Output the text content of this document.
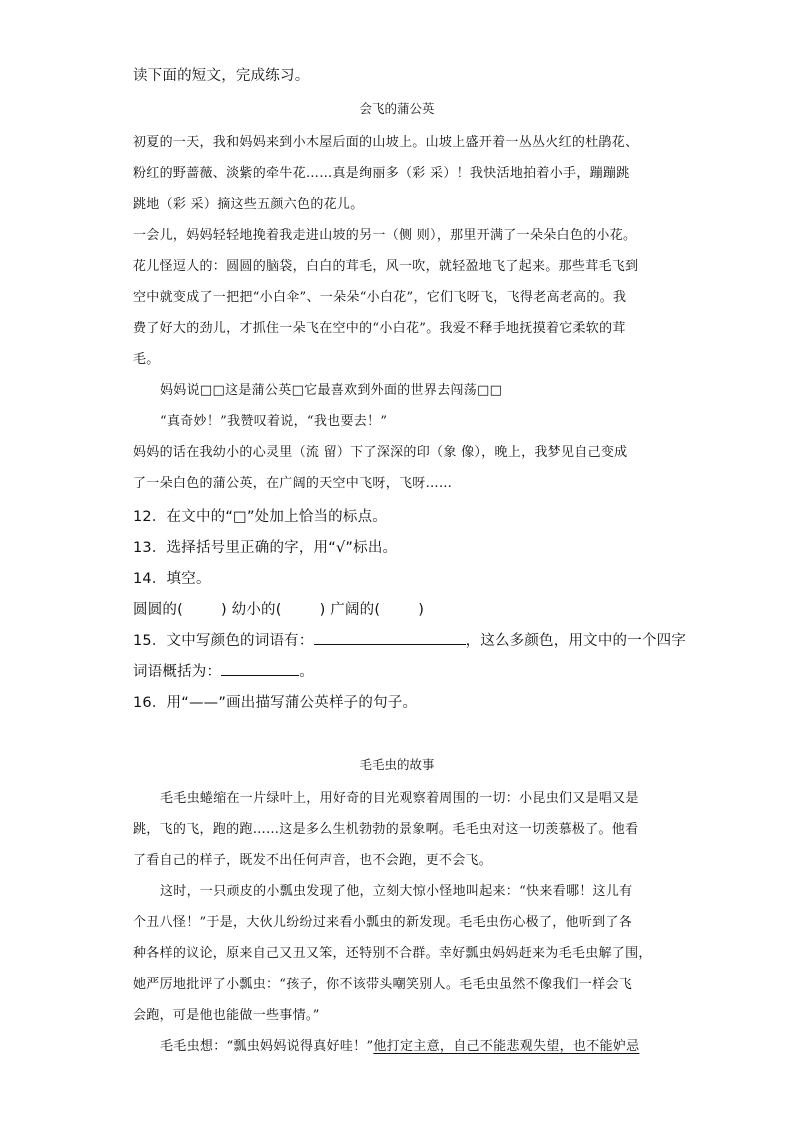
读下面的短文，完成练习。
会飞的蒲公英
初夏的一天，我和妈妈来到小木屋后面的山坡上。山坡上盛开着一丛丛火红的杜鹃花、
粉红的野蔷薇、淡紫的牵牛花……真是绚丽多（彩 采）！我快活地拍着小手，蹦蹦跳
跳地（彩 采）摘这些五颜六色的花儿。
一会儿，妈妈轻轻地挽着我走进山坡的另一（侧 则），那里开满了一朵朵白色的小花。
花儿怪逗人的：圆圆的脑袋，白白的茸毛，风一吹，就轻盈地飞了起来。那些茸毛飞到
空中就变成了一把把“小白伞”、一朵朵“小白花”，它们飞呀飞，飞得老高老高的。我
费了好大的劲儿，才抓住一朵飞在空中的“小白花”。我爱不释手地抚摸着它柔软的茸
毛。
妈妈说□□这是蒲公英□它最喜欢到外面的世界去闯荡□□
“真奇妙！”我赞叹着说，“我也要去！”
妈妈的话在我幼小的心灵里（流 留）下了深深的印（象 像），晚上，我梦见自己变成
了一朵白色的蒲公英，在广阔的天空中飞呀，飞呀……
12．在文中的“□”处加上恰当的标点。
13．选择括号里正确的字，用“√”标出。
14．填空。
圆圆的(	) 幼小的(	) 广阔的(	)
15．文中写颜色的词语有：	，这么多颜色，用文中的一个四字
词语概括为：	。
16．用“——”画出描写蒲公英样子的句子。
毛毛虫的故事
毛毛虫蜷缩在一片绿叶上，用好奇的目光观察着周围的一切：小昆虫们又是唱又是
跳，飞的飞，跑的跑……这是多么生机勃勃的景象啊。毛毛虫对这一切羡慕极了。他看
了看自己的样子，既发不出任何声音，也不会跑，更不会飞。
这时，一只顽皮的小瓢虫发现了他，立刻大惊小怪地叫起来：“快来看哪！这儿有
个丑八怪！”于是，大伙儿纷纷过来看小瓢虫的新发现。毛毛虫伤心极了，他听到了各
种各样的议论，原来自己又丑又笨，还特别不合群。幸好瓢虫妈妈赶来为毛毛虫解了围，
她严厉地批评了小瓢虫：“孩子，你不该带头嘲笑别人。毛毛虫虽然不像我们一样会飞
会跑，可是他也能做一些事情。”
毛毛虫想：“瓢虫妈妈说得真好哇！”他打定主意，自己不能悲观失望，也不能妒忌
